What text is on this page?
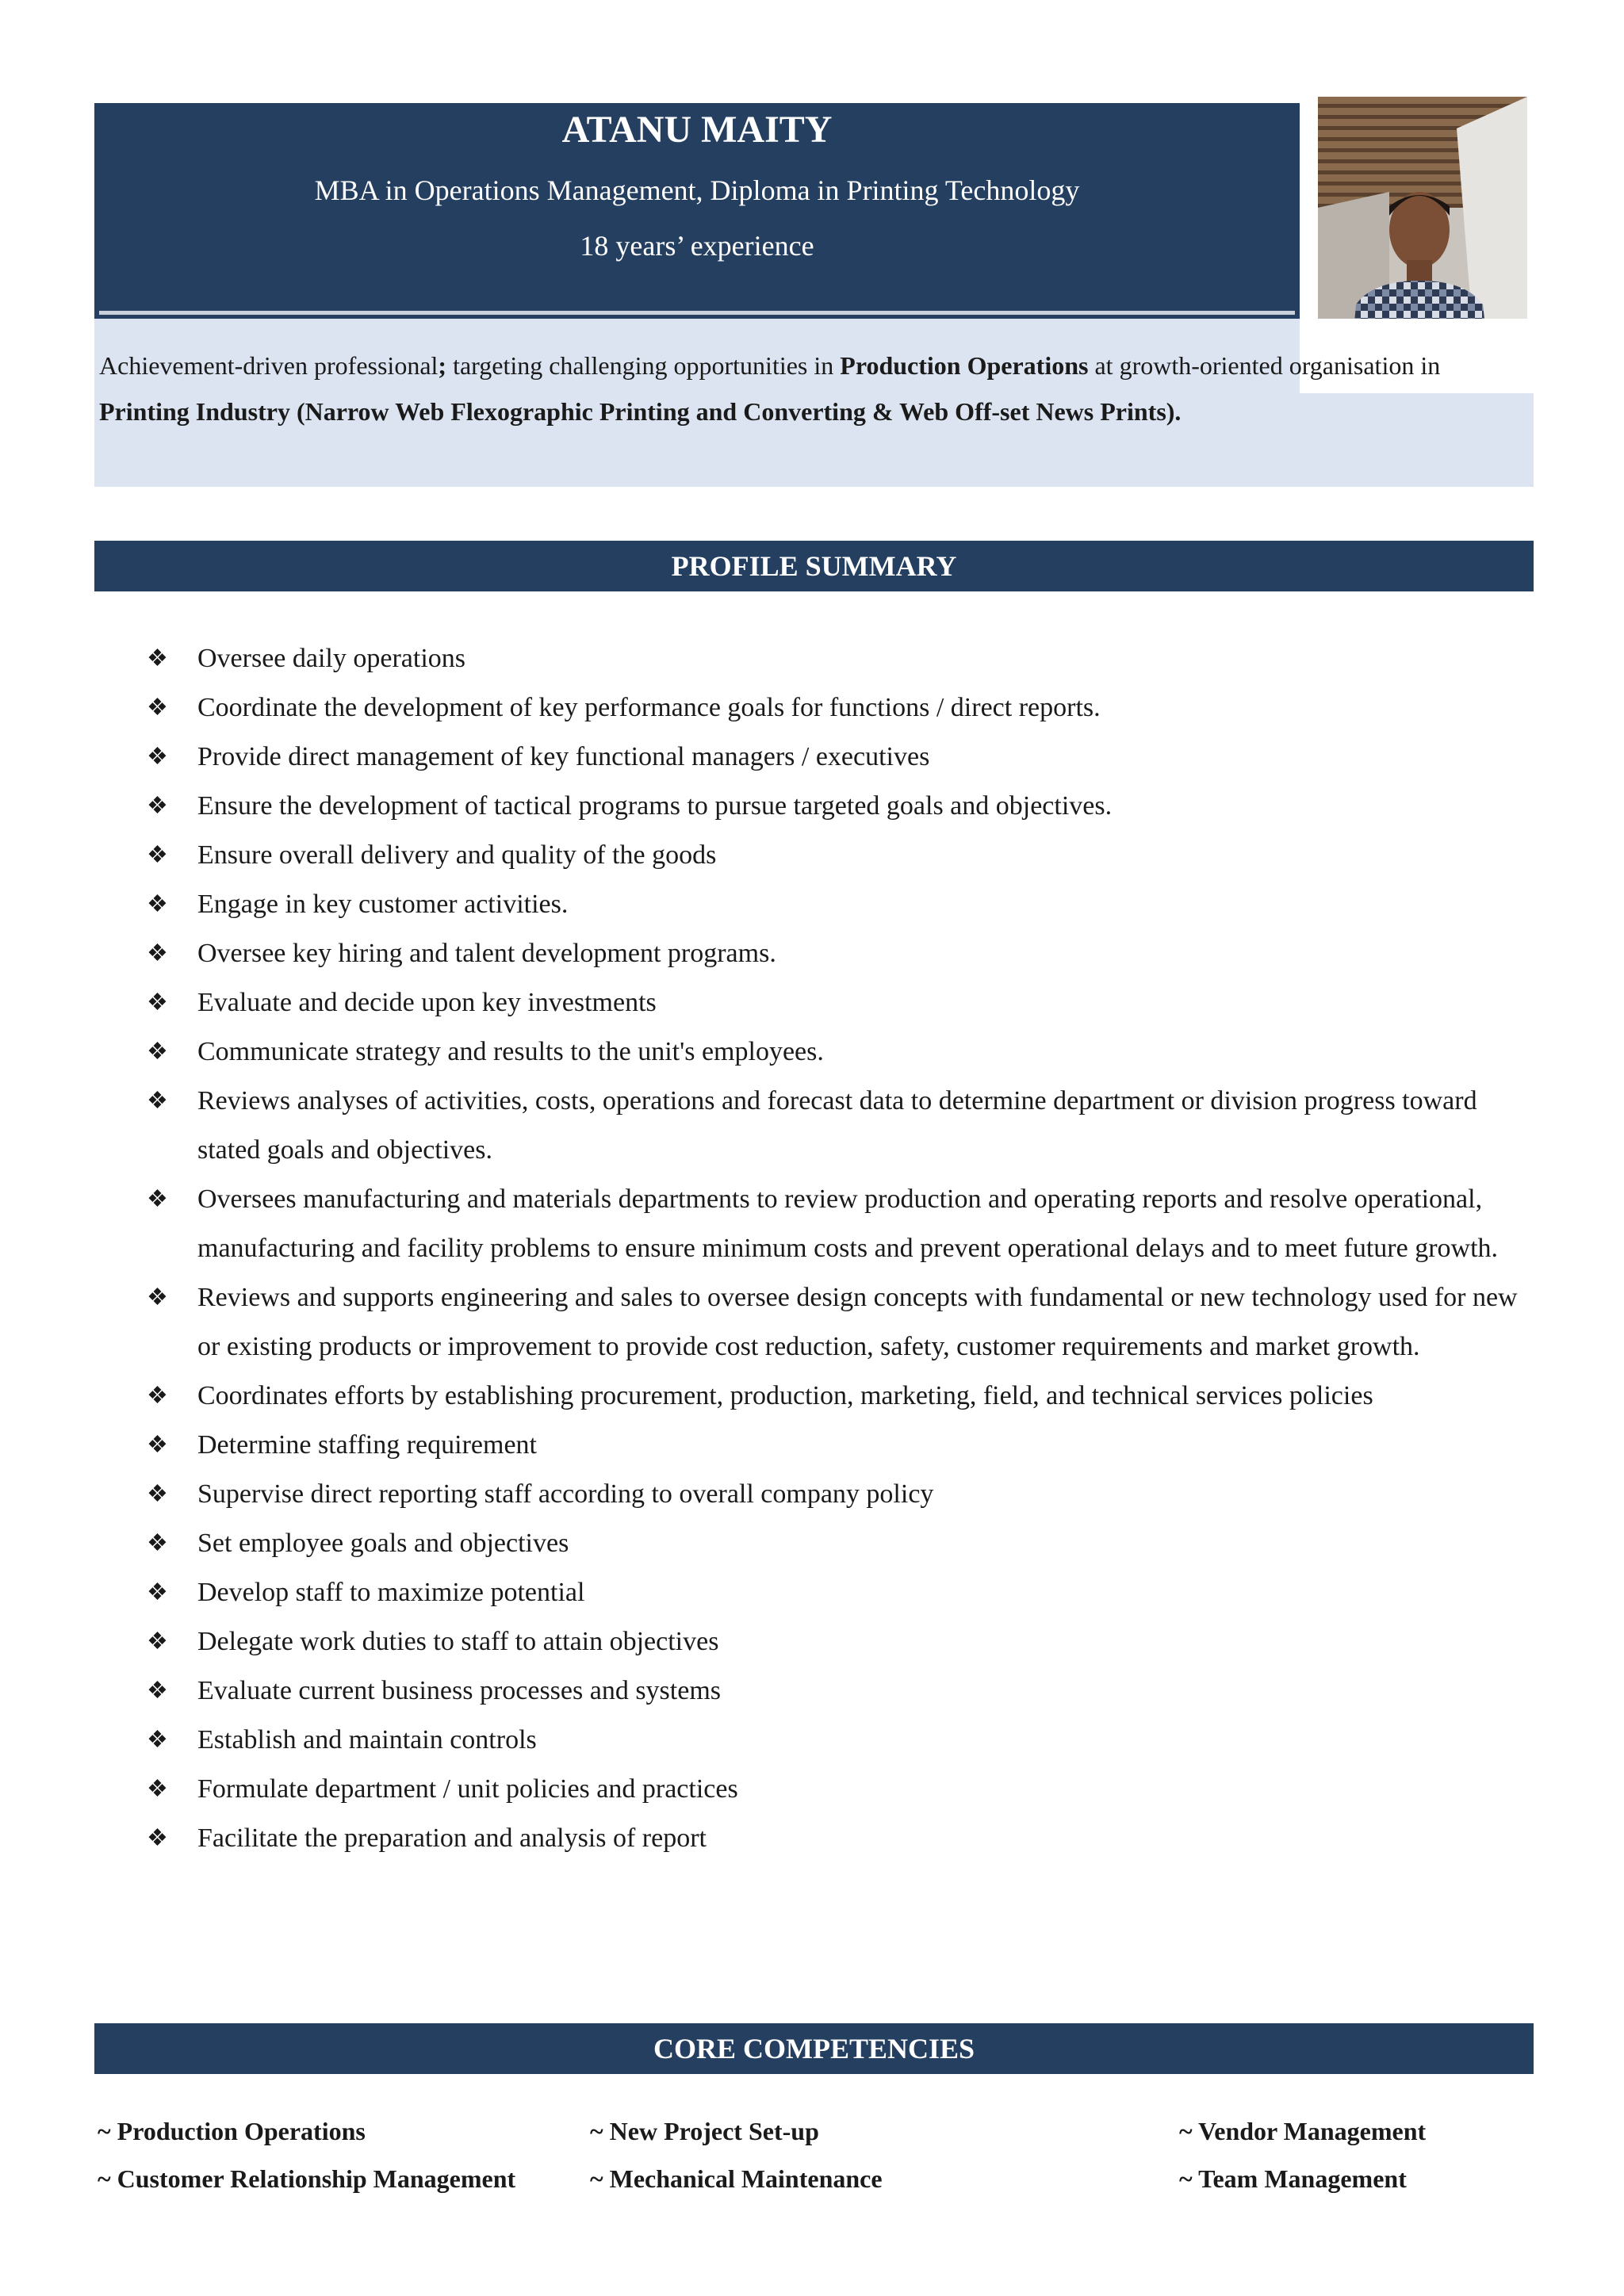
ATANU MAITY
MBA in Operations Management, Diploma in Printing Technology
18 years’ experience
Achievement-driven professional; targeting challenging opportunities in Production Operations at growth-oriented organisation in Printing Industry (Narrow Web Flexographic Printing and Converting & Web Off-set News Prints).
PROFILE SUMMARY
❖ Oversee daily operations
❖ Coordinate the development of key performance goals for functions / direct reports.
❖ Provide direct management of key functional managers / executives
❖ Ensure the development of tactical programs to pursue targeted goals and objectives.
❖ Ensure overall delivery and quality of the goods
❖ Engage in key customer activities.
❖ Oversee key hiring and talent development programs.
❖ Evaluate and decide upon key investments
❖ Communicate strategy and results to the unit's employees.
❖ Reviews analyses of activities, costs, operations and forecast data to determine department or division progress toward stated goals and objectives.
❖ Oversees manufacturing and materials departments to review production and operating reports and resolve operational, manufacturing and facility problems to ensure minimum costs and prevent operational delays and to meet future growth.
❖ Reviews and supports engineering and sales to oversee design concepts with fundamental or new technology used for new or existing products or improvement to provide cost reduction, safety, customer requirements and market growth.
❖ Coordinates efforts by establishing procurement, production, marketing, field, and technical services policies
❖ Determine staffing requirement
❖ Supervise direct reporting staff according to overall company policy
❖ Set employee goals and objectives
❖ Develop staff to maximize potential
❖ Delegate work duties to staff to attain objectives
❖ Evaluate current business processes and systems
❖ Establish and maintain controls
❖ Formulate department / unit policies and practices
❖ Facilitate the preparation and analysis of report
CORE COMPETENCIES
~ Production Operations	~ New Project Set-up	~ Vendor Management
~ Customer Relationship Management	~ Mechanical Maintenance	~ Team Management
